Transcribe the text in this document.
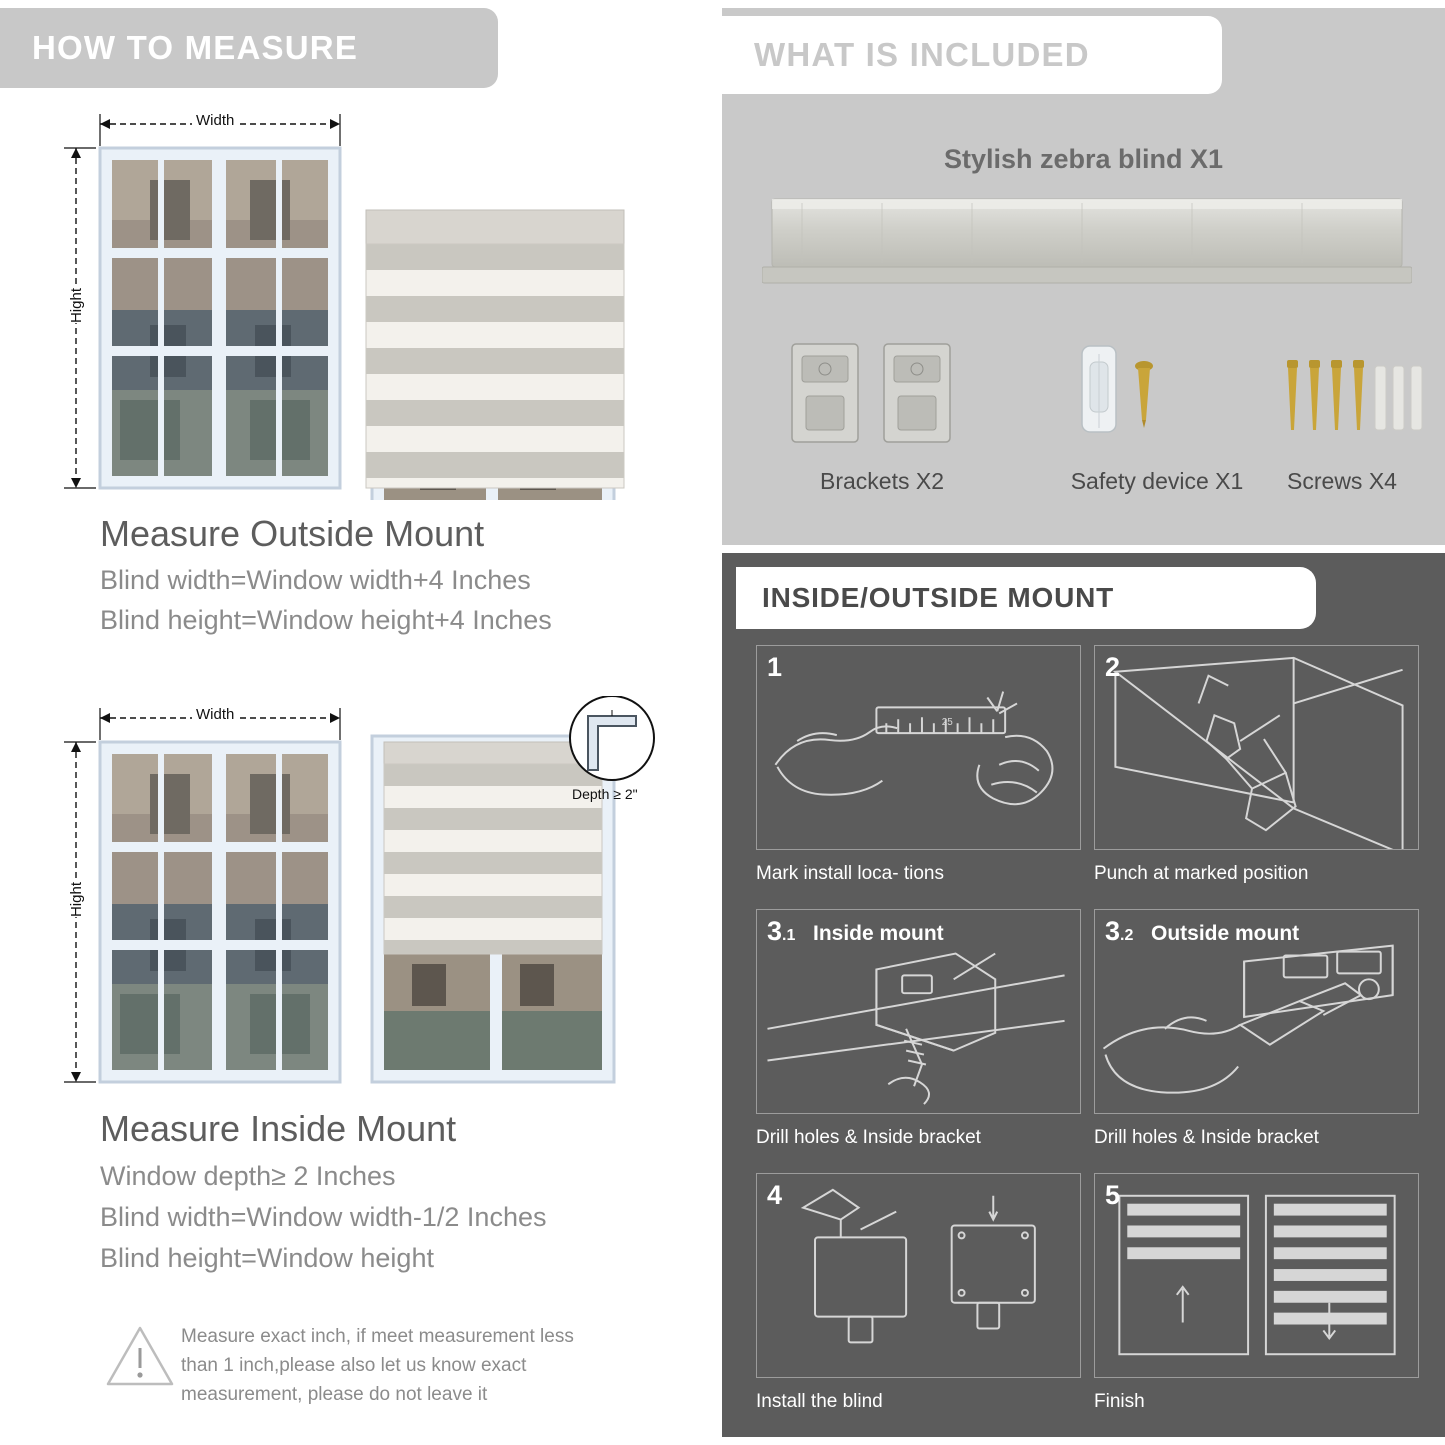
HOW TO MEASURE
Width
Hight
Measure Outside Mount
Blind width=Window width+4 Inches
Blind height=Window height+4 Inches
Width
Hight
Depth ≥ 2"
Measure Inside Mount
Window depth≥ 2 Inches
Blind width=Window width-1/2 Inches
Blind height=Window height
Measure exact inch, if meet measurement less
than 1 inch,please also let us know exact
measurement, please do not leave it
WHAT IS INCLUDED
Stylish zebra blind X1
Brackets X2	Safety device X1	Screws X4
INSIDE/OUTSIDE MOUNT
25
1
Mark install loca- tions
2
Punch at marked position
3.1 Inside mount
Drill holes & Inside bracket
3.2 Outside mount
Drill holes & Inside bracket
4
Install the blind
5
Finish
